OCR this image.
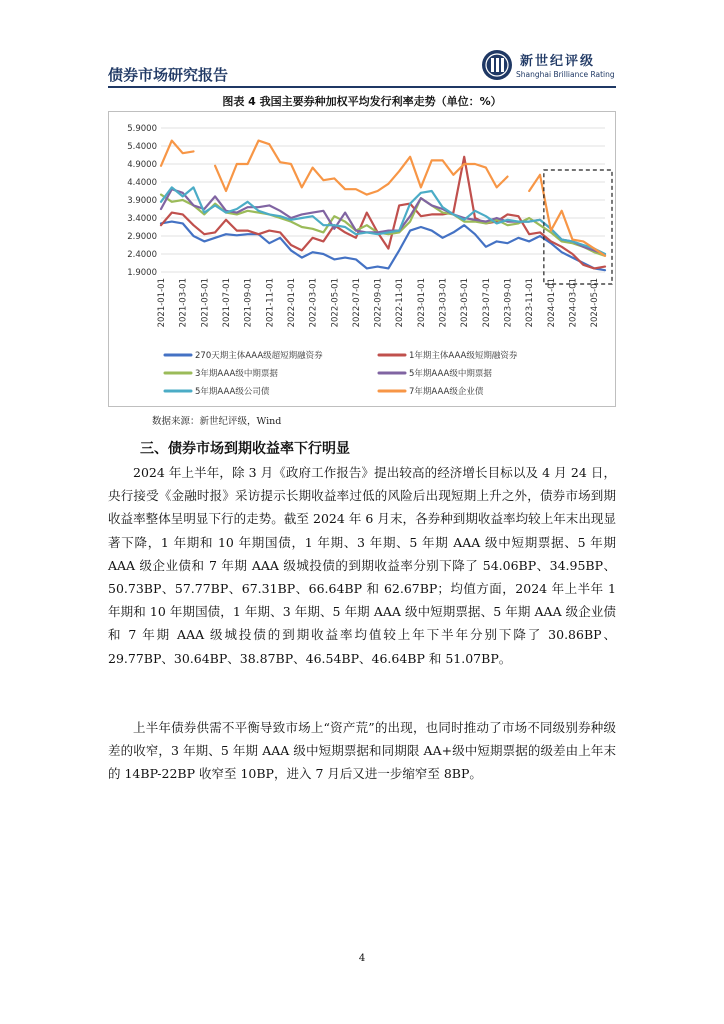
债券市场研究报告
新世纪评级
Shanghai Brilliance Rating
图表 4 我国主要券种加权平均发行利率走势（单位：%）
5.9000
5.4000
4.9000
4.4000
3.9000
3.4000
2.9000
2.4000
1.9000
2021-01-01 2021-03-01 2021-05-01 2021-07-01 2021-09-01 2021-11-01 2022-01-01 2022-03-01 2022-05-01 2022-07-01 2022-09-01 2022-11-01 2023-01-01 2023-03-01 2023-05-01 2023-07-01 2023-09-01 2023-11-01 2024-01-01 2024-03-01 2024-05-01
270天期主体AAA级超短期融资券	1年期主体AAA级短期融资券
3年期AAA级中期票据	5年期AAA级中期票据
5年期AAA级公司债	7年期AAA级企业债
数据来源：新世纪评级，Wind
三、债券市场到期收益率下行明显

2024 年上半年，除 3 月《政府工作报告》提出较高的经济增长目标以及 4 月 24 日，央行接受《金融时报》采访提示长期收益率过低的风险后出现短期上升之外，债券市场到期收益率整体呈明显下行的走势。截至 2024 年 6 月末，各券种到期收益率均较上年末出现显著下降，1 年期和 10 年期国债，1 年期、3 年期、5 年期 AAA 级中短期票据、5 年期 AAA 级企业债和 7 年期 AAA 级城投债的到期收益率分别下降了 54.06BP、34.95BP、50.73BP、57.77BP、67.31BP、66.64BP 和 62.67BP；均值方面，2024 年上半年 1 年期和 10 年期国债，1 年期、3 年期、5 年期 AAA 级中短期票据、5 年期 AAA 级企业债和 7 年期 AAA 级城投债的到期收益率均值较上年下半年分别下降了 30.86BP、29.77BP、30.64BP、38.87BP、46.54BP、46.64BP 和 51.07BP。

上半年债券供需不平衡导致市场上“资产荒”的出现，也同时推动了市场不同级别券种级差的收窄，3 年期、5 年期 AAA 级中短期票据和同期限 AA+级中短期票据的级差由上年末的 14BP-22BP 收窄至 10BP，进入 7 月后又进一步缩窄至 8BP。

4
